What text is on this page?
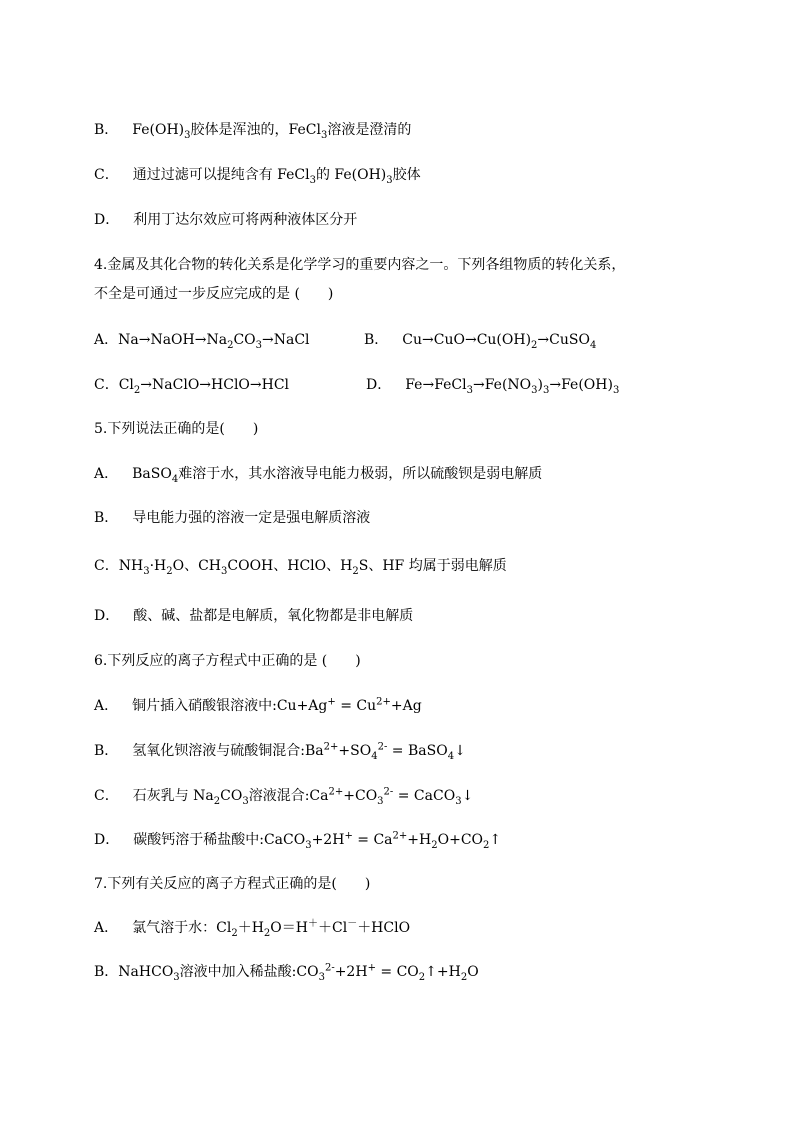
B． $Fe(OH)_3$胶体是浑浊的，FeCl$_3$溶液是澄清的
C． 通过过滤可以提纯含有 FeCl$_3$的 $Fe(OH)_3$胶体
D． 利用丁达尔效应可将两种液体区分开
4.金属及其化合物的转化关系是化学学习的重要内容之一。下列各组物质的转化关系，
不全是可通过一步反应完成的是 (　　)
A．$Na\to NaOH\to Na_2CO_3\to NaCl$	B． $Cu\to CuO\to Cu(OH)_2\to CuSO_4$
C．$Cl_2\to NaClO\to HClO\to HCl$	D． $Fe\to FeCl_3\to Fe(NO_3)_3\to Fe(OH)_3$
5.下列说法正确的是(　　)
A． BaSO$_4$难溶于水，其水溶液导电能力极弱，所以硫酸钡是弱电解质
B． 导电能力强的溶液一定是强电解质溶液
C．$NH_3\cdot H_2O$、$CH_3COOH$、HClO、$H_2S$、HF 均属于弱电解质
D． 酸、碱、盐都是电解质，氧化物都是非电解质
6.下列反应的离子方程式中正确的是 (　　)
A． 铜片插入硝酸银溶液中:Cu+Ag+ = $Cu^{2+}+Ag$
B． 氢氧化钡溶液与硫酸铜混合$:Ba^{2+}+SO_4^{2-}$ = BaSO$_4$↓
C． 石灰乳与 $Na_2CO_3$溶液混合$:Ca^{2+}+CO_3^{2-}$ = CaCO$_3$↓
D． 碳酸钙溶于稀盐酸中:CaCO$_3$+2H+ = $Ca^{2+}+H_2O+CO_2↑$
7.下列有关反应的离子方程式正确的是(　　)
A． 氯气溶于水：$Cl_2+H_2O=H^++Cl^-+HClO$
B．NaHCO$_3$溶液中加入稀盐酸$:CO_3^{2-}+2H^+$ = $CO_2↑+H_2O$
